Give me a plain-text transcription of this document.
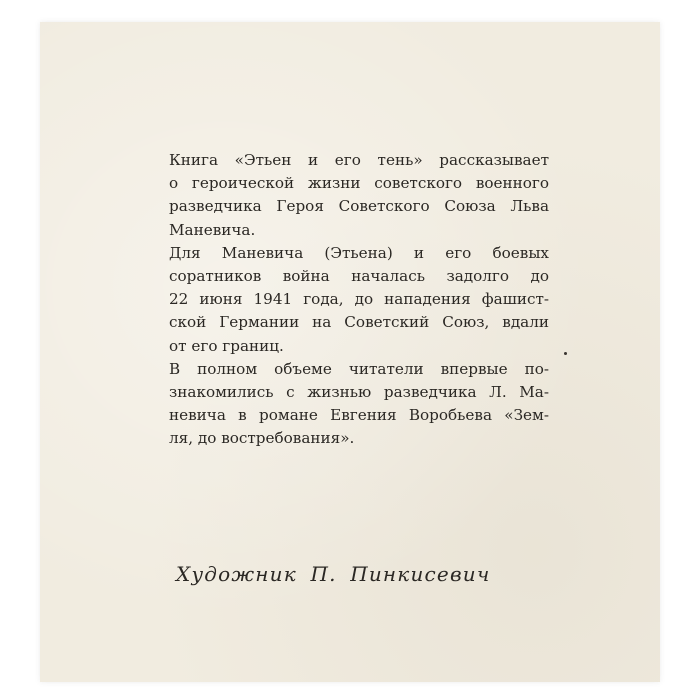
Книга «Этьен и его тень» рассказывает
о героической жизни советского военного
разведчика Героя Советского Союза Льва
Маневича.

Для Маневича (Этьена) и его боевых
соратников война началась задолго до
22 июня 1941 года, до нападения фашист-
ской Германии на Советский Союз, вдали
от его границ.

В полном объеме читатели впервые по-
знакомились с жизнью разведчика Л. Ма-
невича в романе Евгения Воробьева «Зем-
ля, до востребования».

Художник П. Пинкисевич
